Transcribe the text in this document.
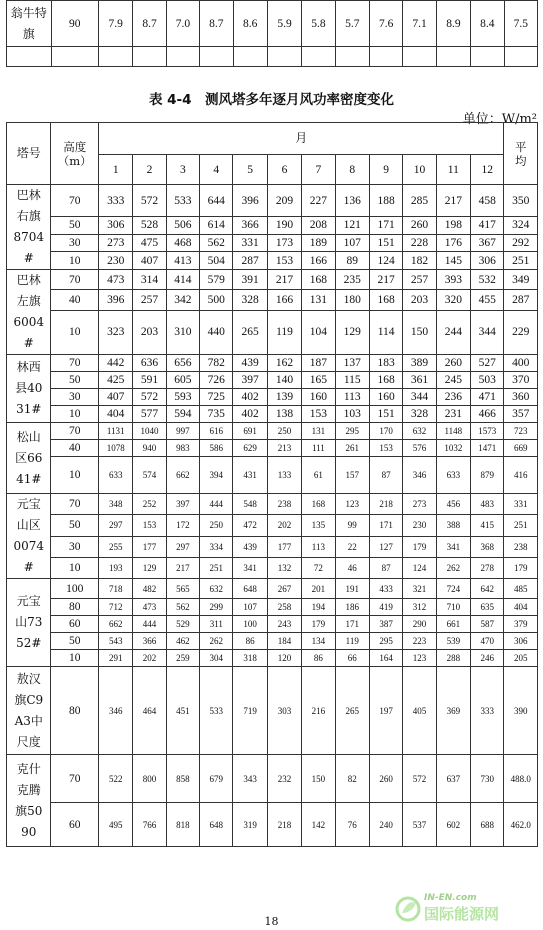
翁牛特旗	90	7.9	8.7	7.0	8.7	8.6	5.9	5.8	5.7	7.6	7.1	8.9	8.4	7.5

表 4-4　测风塔多年逐月风功率密度变化
单位：W/m²
塔号	高度（m）	月												平均
		1	2	3	4	5	6	7	8	9	10	11	12	
巴林右旗8704#	70	333	572	533	644	396	209	227	136	188	285	217	458	350
	50	306	528	506	614	366	190	208	121	171	260	198	417	324
	30	273	475	468	562	331	173	189	107	151	228	176	367	292
	10	230	407	413	504	287	153	166	89	124	182	145	306	251
巴林左旗6004#	70	473	314	414	579	391	217	168	235	217	257	393	532	349
	40	396	257	342	500	328	166	131	180	168	203	320	455	287
	10	323	203	310	440	265	119	104	129	114	150	244	344	229
林西县4031#	70	442	636	656	782	439	162	187	137	183	389	260	527	400
	50	425	591	605	726	397	140	165	115	168	361	245	503	370
	30	407	572	593	725	402	139	160	113	160	344	236	471	360
	10	404	577	594	735	402	138	153	103	151	328	231	466	357
松山区6641#	70	1131	1040	997	616	691	250	131	295	170	632	1148	1573	723
	40	1078	940	983	586	629	213	111	261	153	576	1032	1471	669
	10	633	574	662	394	431	133	61	157	87	346	633	879	416
元宝山区0074#	70	348	252	397	444	548	238	168	123	218	273	456	483	331
	50	297	153	172	250	472	202	135	99	171	230	388	415	251
	30	255	177	297	334	439	177	113	22	127	179	341	368	238
	10	193	129	217	251	341	132	72	46	87	124	262	278	179
元宝山7352#	100	718	482	565	632	648	267	201	191	433	321	724	642	485
	80	712	473	562	299	107	258	194	186	419	312	710	635	404
	60	662	444	529	311	100	243	179	171	387	290	661	587	379
	50	543	366	462	262	86	184	134	119	295	223	539	470	306
	10	291	202	259	304	318	120	86	66	164	123	288	246	205
敖汉旗C9A3中尺度	80	346	464	451	533	719	303	216	265	197	405	369	333	390
克什克腾旗5090	70	522	800	858	679	343	232	150	82	260	572	637	730	488.0
	60	495	766	818	648	319	218	142	76	240	537	602	688	462.0
18
IN-EN.com
国际能源网
